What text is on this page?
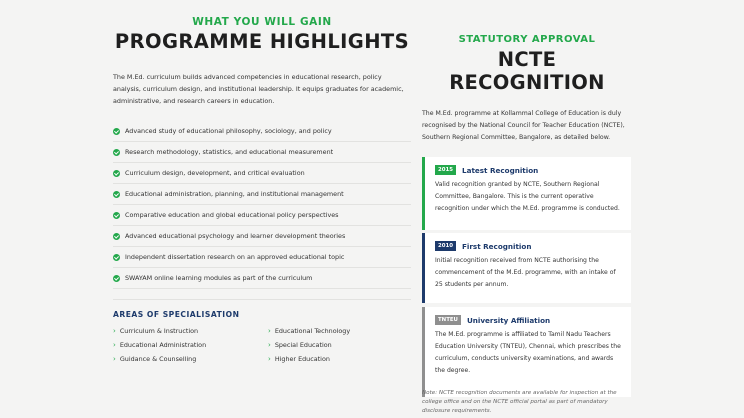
WHAT YOU WILL GAIN
PROGRAMME HIGHLIGHTS

The M.Ed. curriculum builds advanced competencies in educational research, policy analysis, curriculum design, and institutional leadership. It equips graduates for academic, administrative, and research careers in education.

Advanced study of educational philosophy, sociology, and policy
Research methodology, statistics, and educational measurement
Curriculum design, development, and critical evaluation
Educational administration, planning, and institutional management
Comparative education and global educational policy perspectives
Advanced educational psychology and learner development theories
Independent dissertation research on an approved educational topic
SWAYAM online learning modules as part of the curriculum
AREAS OF SPECIALISATION
› Curriculum & Instruction	› Educational Technology
› Educational Administration	› Special Education
› Guidance & Counselling	› Higher Education
STATUTORY APPROVAL
NCTE RECOGNITION

The M.Ed. programme at Kollammal College of Education is duly recognised by the National Council for Teacher Education (NCTE), Southern Regional Committee, Bangalore, as detailed below.

2015	Latest Recognition

Valid recognition granted by NCTE, Southern Regional Committee, Bangalore. This is the current operative recognition under which the M.Ed. programme is conducted.

2010	First Recognition

Initial recognition received from NCTE authorising the commencement of the M.Ed. programme, with an intake of 25 students per annum.

TNTEU	University Affiliation

The M.Ed. programme is affiliated to Tamil Nadu Teachers Education University (TNTEU), Chennai, which prescribes the curriculum, conducts university examinations, and awards the degree.

Note: NCTE recognition documents are available for inspection at the college office and on the NCTE official portal as part of mandatory disclosure requirements.
